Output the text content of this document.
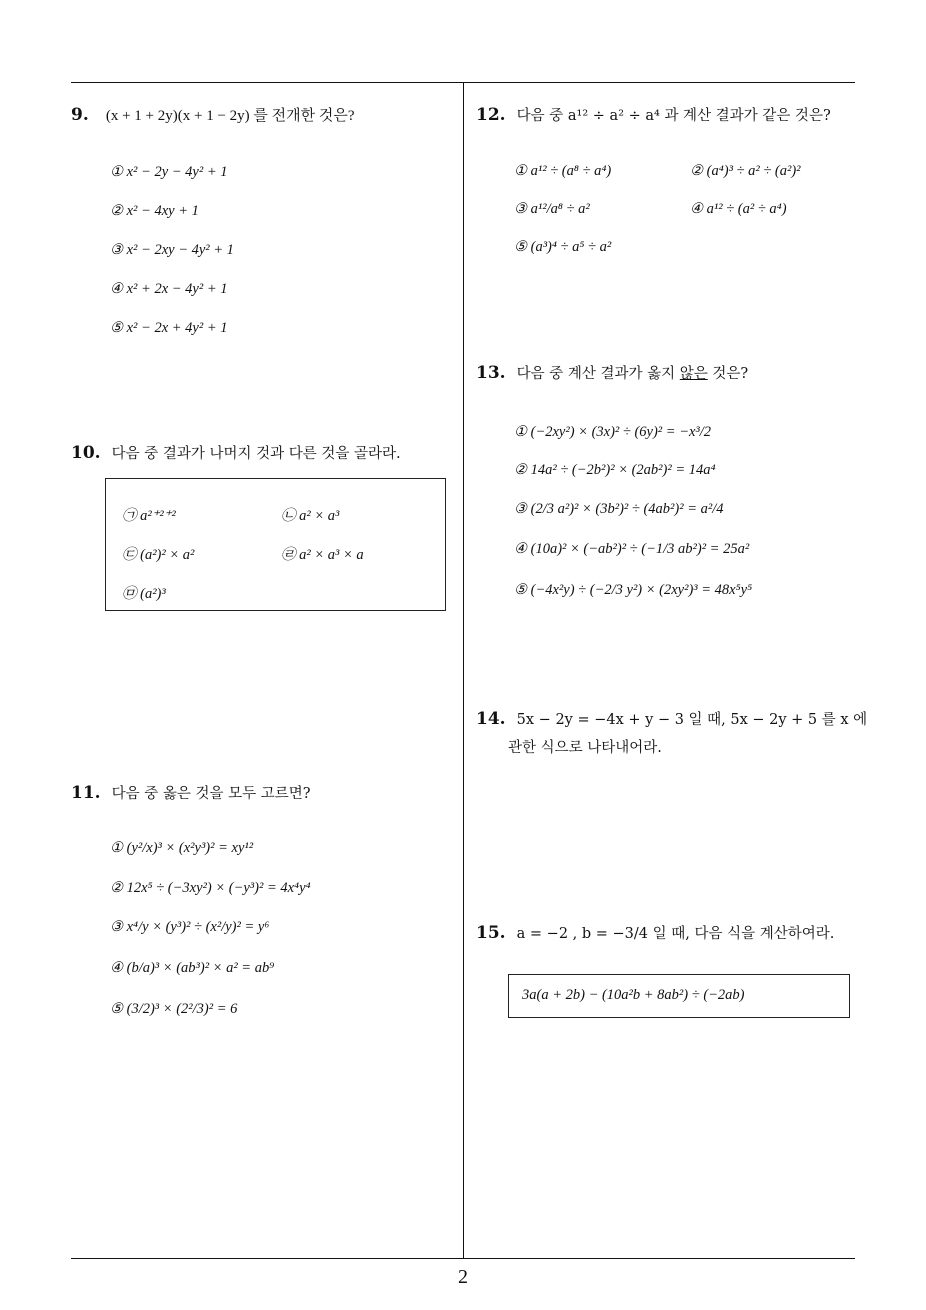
9. (x + 1 + 2y)(x + 1 − 2y) 를 전개한 것은?
① x² − 2y − 4y² + 1
② x² − 4xy + 1
③ x² − 2xy − 4y² + 1
④ x² + 2x − 4y² + 1
⑤ x² − 2x + 4y² + 1
10. 다음 중 결과가 나머지 것과 다른 것을 골라라.
㉠ a²⁺²⁺²	㉡ a² × a³
㉢ (a²)² × a²	㉣ a² × a³ × a
㉤ (a²)³
11. 다음 중 옳은 것을 모두 고르면?
① (y²/x)³ × (x²y³)² = xy¹²
② 12x⁵ ÷ (−3xy²) × (−y³)² = 4x⁴y⁴
③ x⁴/y × (y³)² ÷ (x²/y)² = y⁶
④ (b/a)³ × (ab³)² × a² = ab⁹
⑤ (3/2)³ × (2²/3)² = 6
12. 다음 중 a¹² ÷ a² ÷ a⁴ 과 계산 결과가 같은 것은?
① a¹² ÷ (a⁸ ÷ a⁴)	② (a⁴)³ ÷ a² ÷ (a²)²
③ a¹²/a⁸ ÷ a²	④ a¹² ÷ (a² ÷ a⁴)
⑤ (a³)⁴ ÷ a⁵ ÷ a²
13. 다음 중 계산 결과가 옳지 않은 것은?
① (−2xy²) × (3x)² ÷ (6y)² = −x³/2
② 14a² ÷ (−2b²)² × (2ab²)² = 14a⁴
③ (2/3 a²)² × (3b²)² ÷ (4ab²)² = a²/4
④ (10a)² × (−ab²)² ÷ (−1/3 ab²)² = 25a²
⑤ (−4x²y) ÷ (−2/3 y²) × (2xy²)³ = 48x⁵y⁵
14. 5x − 2y = −4x + y − 3 일 때, 5x − 2y + 5 를 x 에
관한 식으로 나타내어라.
15. a = −2 , b = −3/4 일 때, 다음 식을 계산하여라.
3a(a + 2b) − (10a²b + 8ab²) ÷ (−2ab)
2
